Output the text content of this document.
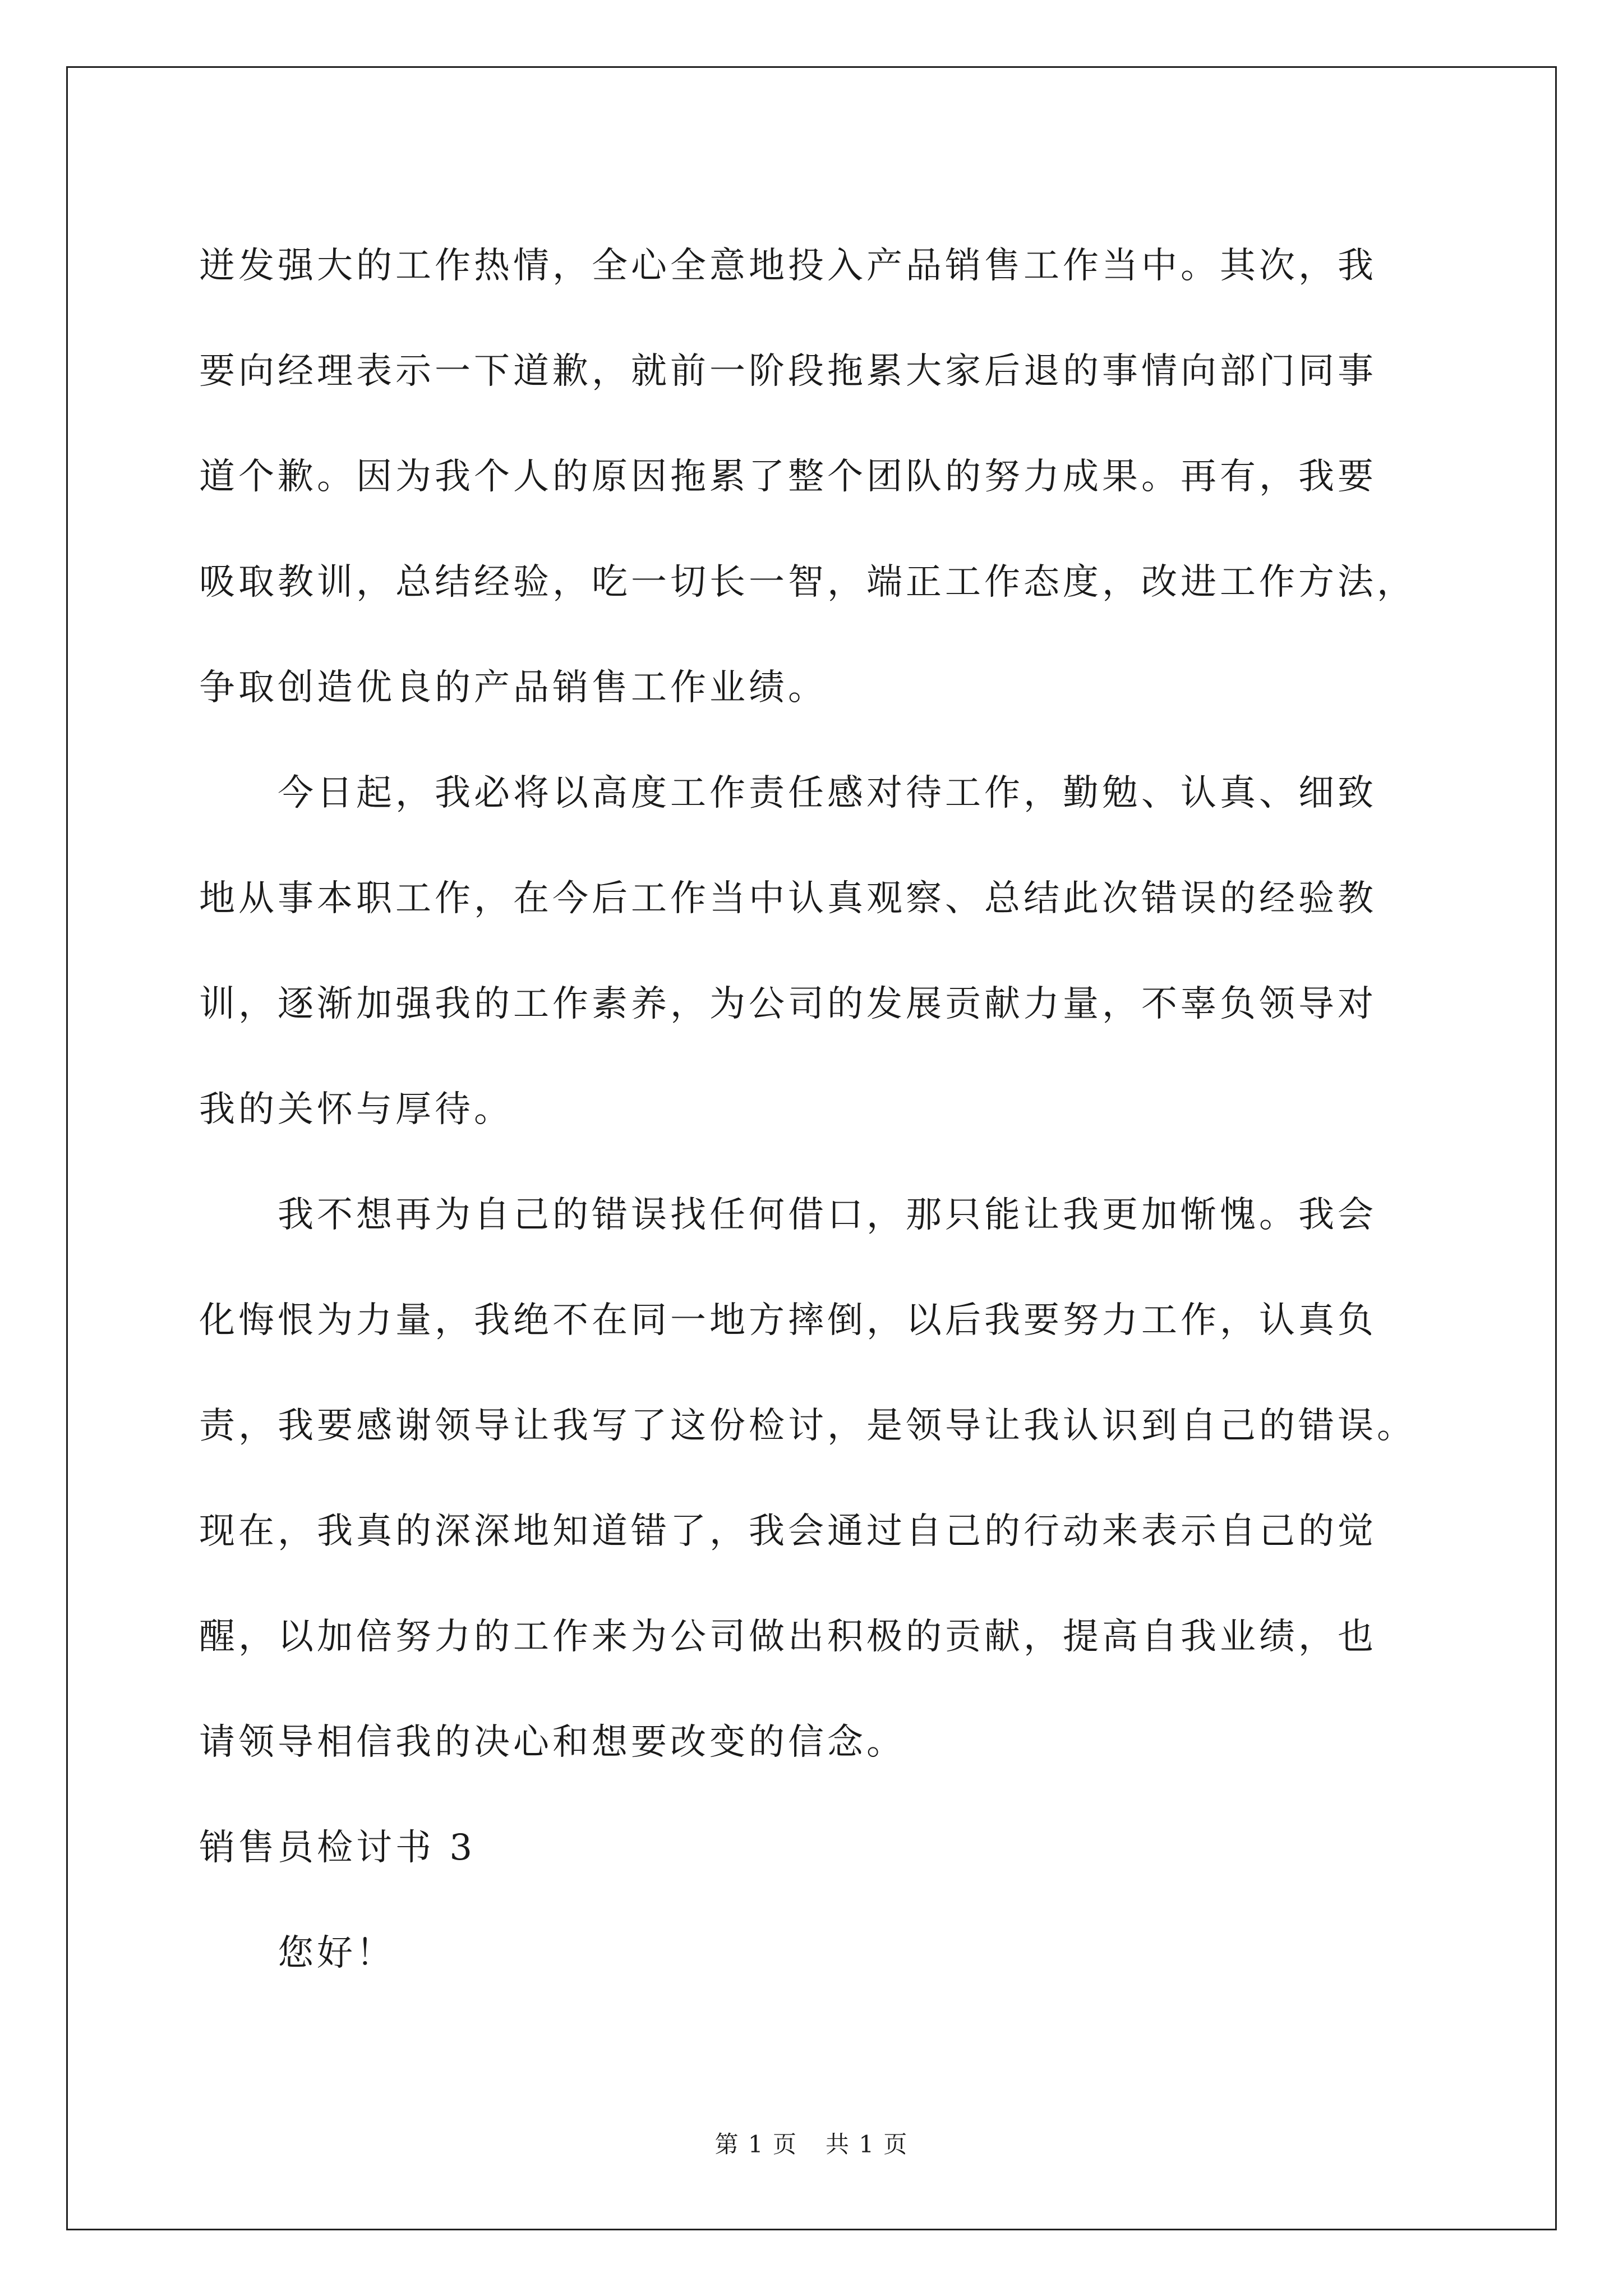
迸发强大的工作热情，全心全意地投入产品销售工作当中。其次，我
要向经理表示一下道歉，就前一阶段拖累大家后退的事情向部门同事
道个歉。因为我个人的原因拖累了整个团队的努力成果。再有，我要
吸取教训，总结经验，吃一切长一智，端正工作态度，改进工作方法，
争取创造优良的产品销售工作业绩。

今日起，我必将以高度工作责任感对待工作，勤勉、认真、细致
地从事本职工作，在今后工作当中认真观察、总结此次错误的经验教
训，逐渐加强我的工作素养，为公司的发展贡献力量，不辜负领导对
我的关怀与厚待。

我不想再为自己的错误找任何借口，那只能让我更加惭愧。我会
化悔恨为力量，我绝不在同一地方摔倒，以后我要努力工作，认真负
责，我要感谢领导让我写了这份检讨，是领导让我认识到自己的错误。
现在，我真的深深地知道错了，我会通过自己的行动来表示自己的觉
醒，以加倍努力的工作来为公司做出积极的贡献，提高自我业绩，也
请领导相信我的决心和想要改变的信念。

销售员检讨书 3

您好！

第 1 页 共 1 页
